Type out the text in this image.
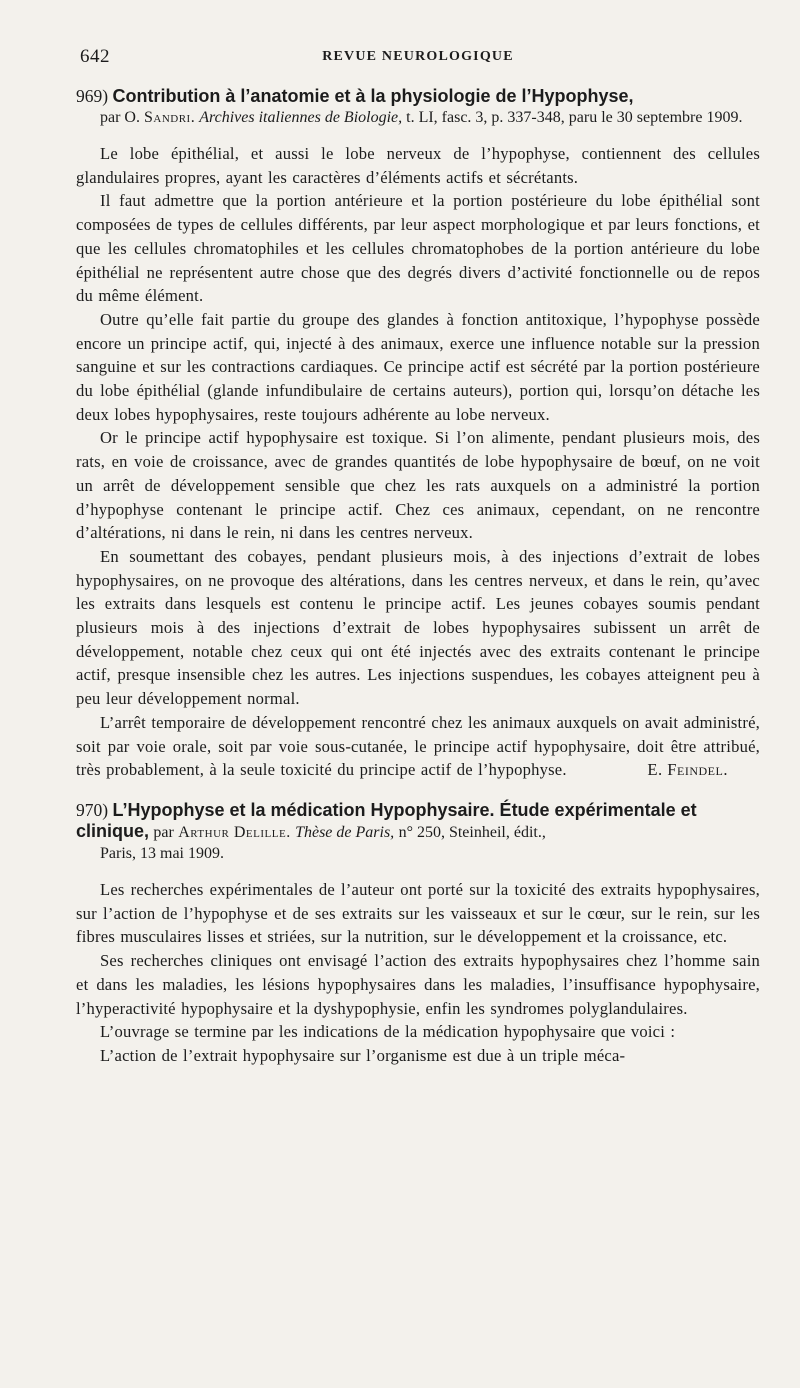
642	REVUE NEUROLOGIQUE
969) Contribution à l’anatomie et à la physiologie de l’Hypophyse,
par O. Sandri. Archives italiennes de Biologie, t. LI, fasc. 3, p. 337-348, paru le 30 septembre 1909.

Le lobe épithélial, et aussi le lobe nerveux de l’hypophyse, contiennent des cellules glandulaires propres, ayant les caractères d’éléments actifs et sécrétants.

Il faut admettre que la portion antérieure et la portion postérieure du lobe épithélial sont composées de types de cellules différents, par leur aspect morphologique et par leurs fonctions, et que les cellules chromatophiles et les cellules chromatophobes de la portion antérieure du lobe épithélial ne représentent autre chose que des degrés divers d’activité fonctionnelle ou de repos du même élément.

Outre qu’elle fait partie du groupe des glandes à fonction antitoxique, l’hypophyse possède encore un principe actif, qui, injecté à des animaux, exerce une influence notable sur la pression sanguine et sur les contractions cardiaques. Ce principe actif est sécrété par la portion postérieure du lobe épithélial (glande infundibulaire de certains auteurs), portion qui, lorsqu’on détache les deux lobes hypophysaires, reste toujours adhérente au lobe nerveux.

Or le principe actif hypophysaire est toxique. Si l’on alimente, pendant plusieurs mois, des rats, en voie de croissance, avec de grandes quantités de lobe hypophysaire de bœuf, on ne voit un arrêt de développement sensible que chez les rats auxquels on a administré la portion d’hypophyse contenant le principe actif. Chez ces animaux, cependant, on ne rencontre d’altérations, ni dans le rein, ni dans les centres nerveux.

En soumettant des cobayes, pendant plusieurs mois, à des injections d’extrait de lobes hypophysaires, on ne provoque des altérations, dans les centres nerveux, et dans le rein, qu’avec les extraits dans lesquels est contenu le principe actif. Les jeunes cobayes soumis pendant plusieurs mois à des injections d’extrait de lobes hypophysaires subissent un arrêt de développement, notable chez ceux qui ont été injectés avec des extraits contenant le principe actif, presque insensible chez les autres. Les injections suspendues, les cobayes atteignent peu à peu leur développement normal.

L’arrêt temporaire de développement rencontré chez les animaux auxquels on avait administré, soit par voie orale, soit par voie sous-cutanée, le principe actif hypophysaire, doit être attribué, très probablement, à la seule toxicité du principe actif de l’hypophyse.	E. Feindel.
970) L’Hypophyse et la médication Hypophysaire. Étude expérimentale et clinique, par Arthur Delille. Thèse de Paris, n° 250, Steinheil, édit.,
Paris, 13 mai 1909.

Les recherches expérimentales de l’auteur ont porté sur la toxicité des extraits hypophysaires, sur l’action de l’hypophyse et de ses extraits sur les vaisseaux et sur le cœur, sur le rein, sur les fibres musculaires lisses et striées, sur la nutrition, sur le développement et la croissance, etc.

Ses recherches cliniques ont envisagé l’action des extraits hypophysaires chez l’homme sain et dans les maladies, les lésions hypophysaires dans les maladies, l’insuffisance hypophysaire, l’hyperactivité hypophysaire et la dyshypophysie, enfin les syndromes polyglandulaires.

L’ouvrage se termine par les indications de la médication hypophysaire que voici :

L’action de l’extrait hypophysaire sur l’organisme est due à un triple méca-
